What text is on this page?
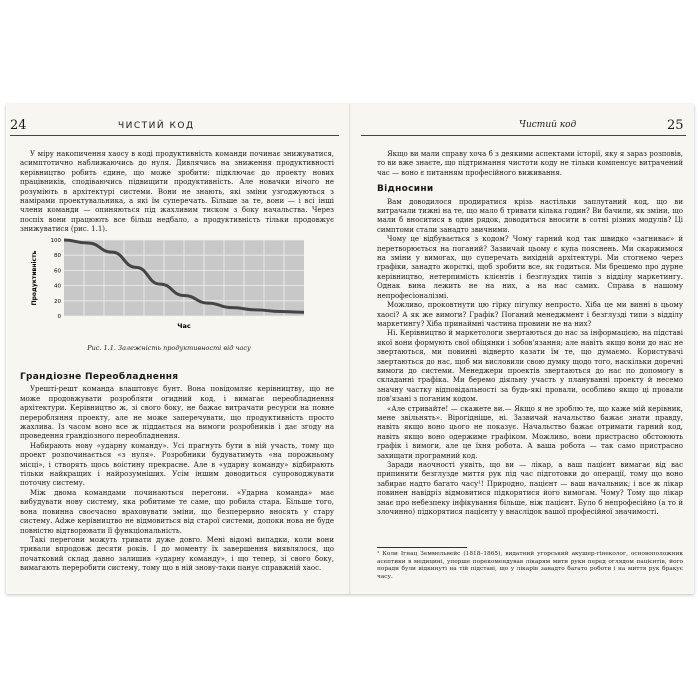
24	ЧИСТИЙ КОД

У міру накопичення хаосу в коді продуктивність команди починає знижуватися, асимптотично наближаючись до нуля. Дивлячись на зниження продуктивності керівництво робить єдине, що може зробити: підключає до проекту нових працівників, сподіваючись підвищити продуктивність. Але новачки нічого не розуміють в архітектурі системи. Вони не знають, які зміни узгоджуються з намірами проектувальника, а які їм суперечать. Більше за те, вони — і всі інші члени команди — опиняються під жахливим тиском з боку начальства. Через поспіх вони працюють все більш недбало, а продуктивність тільки продовжує знижуватися (рис. 1.1).

100
80
60
40
20
0
Продуктивність
Час
Рис. 1.1. Залежність продуктивності від часу
Грандіозне Переобладнення

Урешті-решт команда влаштовує бунт. Вона повідомляє керівництву, що не може продовжувати розробляти огидний код, і вимагає переобладнення архітектури. Керівництво ж, зі свого боку, не бажає витрачати ресурси на повне переробляння проекту, але не може заперечувати, що продуктивність просто жахлива. Із часом воно все ж піддається на вимоги розробників і дає згоду на проведення грандіозного переобладнення.

Набирають нову «ударну команду». Усі прагнуть бути в ній участь, тому що проект розпочинається «з нуля». Розробники будуватимуть «на порожньому місці», і створять щось воістину прекрасне. Але в «ударну команду» відбирають тільки найкращих і найрозумніших. Усім іншим доводиться супроводжувати поточну систему.

Між двома командами починаються перегони. «Ударна команда» має вибудувати нову систему, яка робитиме те саме, що робила стара. Більше того, вона повинна своєчасно враховувати зміни, що безперервно вносять у стару систему. Adже керівництво не відмовиться від старої системи, допоки нова не буде повністю відтворювати її функціональність.

Такі перегони можуть тривати дуже довго. Мені відомі випадки, коли вони тривали впродовж десяти років. І до моменту їх завершення виявлялося, що початковий склад давно залишив «ударну команду», і що тепер, зі свого боку, вимагають переробити систему, тому що в ній знову-таки панує справжній хаос.

Чистий код	25

Якщо ви мали справу хоча б з деякими аспектами історії, яку я зараз розповів, то ви вже знаєте, що підтримання чистоти коду не тільки компенсує витрачений час — воно є питанням професійного виживання.

Відносини

Вам доводилося продиратися крізь настільки заплутаний код, що ви витрачали тижні на те, що мало б тривати кілька годин? Ви бачили, як зміни, що мали б вноситися в один рядок, доводиться вносити в сотні різних модулів? Ці симптоми стали занадто звичними.

Чому це відбувається з кодом? Чому гарний код так швидко «загниває» й перетворюється на поганий? Зазвичай цьому є купа пояснень. Ми скаржимося на зміни у вимогах, що суперечать вихідній архітектурі. Ми стогнемо через графіки, занадто жорсткі, щоб зробити все, як годиться. Ми брешемо про дурне керівництво, нетерпимість клієнтів і безглуздих типів з відділу маркетингу. Однак вина лежить не на них, а на нас самих. Справа в нашому непрофесіоналізмі.

Можливо, проковтнути цю гірку пігулку непросто. Хіба це ми винні в цьому хаосі? А як же вимоги? Графік? Поганий менеджмент і безглузді типи з відділу маркетингу? Хіба принаймні частина провини не на них?

Ні. Керівництво й маркетологи звертаються до нас за інформацією, на підставі якої вони формують свої обіцянки і зобов'язання; але навіть якщо вони до нас не звертаються, ми повинні відверто казати їм те, що думаємо. Користувачі звертаються до нас, щоб ми висловили свою думку щодо того, наскільки доречні вимоги до системи. Менеджери проектів звертаються до нас по допомогу в складанні графіка. Ми беремо діяльну участь у плануванні проекту й несемо значну частку відповідальності за будь-які провали, особливо якщо ці провали пов'язані з поганим кодом.

«Але стривайте! — скажете ви.— Якщо я не зроблю те, що каже мій керівник, мене звільнять». Вірогідніше, ні. Зазвичай начальство бажає знати правду, навіть якщо воно цього не показує. Начальство бажає отримати гарний код, навіть якщо воно одержиме графіком. Можливо, вони пристрасно обстоюють графік і вимоги, але це їхня робота. А ваша робота — так само пристрасно захищати програмний код.

Заради наочності уявіть, що ви — лікар, а ваш пацієнт вимагає від вас припинити безглузде миття рук під час підготовки до операції, тому що воно забирає надто багато часу¹! Природно, пацієнт — ваш начальник; і все ж лікар повинен навідріз відмовитися підкорятися його вимогам. Чому? Тому що лікар знає про небезпеку інфікування більше, ніж пацієнт. Було б непрофесійно (а то й злочинно) підкорятися пацієнту у внаслідок вашої професійної значимості.

¹ Коли Ігнац Земмельвейс (1818–1865), видатний угорський акушер-гінеколог, основоположник асептики в медицині, уперше порекомендував лікарям мити руки перед оглядом пацієнтів, його поради були відкинуті на тій підставі, що у лікарів занадто багато роботи і на миття рук бракує часу.
